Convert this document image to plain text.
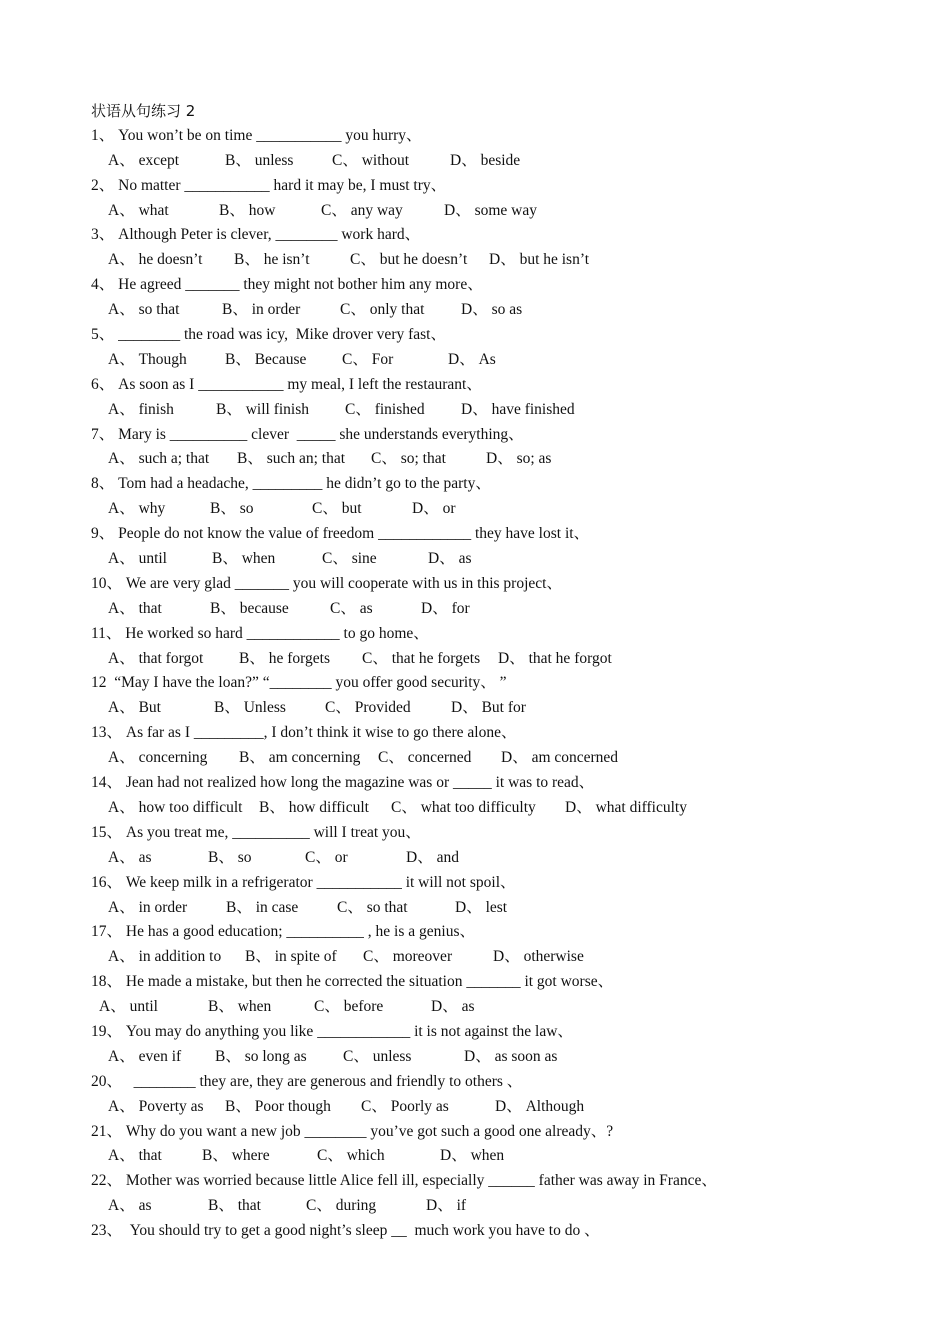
状语从句练习 2
1、 You won’t be on time ___________ you hurry、
A、 except	B、 unless C、 without	D、 beside
2、 No matter ___________ hard it may be, I must try、
A、 what	B、 how	C、 any way	D、 some way
3、 Although Peter is clever, ________ work hard、
A、 he doesn’t B、 he isn’t	C、 but he doesn’t D、 but he isn’t
4、 He agreed _______ they might not bother him any more、
A、 so that	B、 in order	C、 only that D、 so as
5、 ________ the road was icy,  Mike drover very fast、
A、 Though B、 Because C、 For	D、 As
6、 As soon as I ___________ my meal, I left the restaurant、
A、 finish	B、 will finish C、 finished D、 have finished
7、 Mary is __________ clever  _____ she understands everything、
A、 such a; that B、 such an; that C、 so; that	D、 so; as
8、 Tom had a headache, _________ he didn’t go to the party、
A、 why	B、 so	C、 but	D、 or
9、 People do not know the value of freedom ____________ they have lost it、
A、 until	B、 when	C、 sine	D、 as
10、 We are very glad _______ you will cooperate with us in this project、
A、 that	B、 because	C、 as	D、 for
11、 He worked so hard ____________ to go home、
A、 that forgot B、 he forgets C、 that he forgets D、 that he forgot
12  “May I have the loan?” “________ you offer good security、 ”
A、 But	B、 Unless	C、 Provided	D、 But for
13、 As far as I _________, I don’t think it wise to go there alone、
A、 concerning B、 am concerning C、 concerned D、 am concerned
14、 Jean had not realized how long the magazine was or _____ it was to read、
A、 how too difficult B、 how difficult C、 what too difficulty D、 what difficulty
15、 As you treat me, __________ will I treat you、
A、 as	B、 so	C、 or	D、 and
16、 We keep milk in a refrigerator ___________ it will not spoil、
A、 in order	B、 in case C、 so that	D、 lest
17、 He has a good education; __________ , he is a genius、
A、 in addition to B、 in spite of C、 moreover	D、 otherwise
18、 He made a mistake, but then he corrected the situation _______ it got worse、
A、 until	B、 when	C、 before	D、 as
19、 You may do anything you like ____________ it is not against the law、
A、 even if B、 so long as C、 unless	D、 as soon as
20、   ________ they are, they are generous and friendly to others 、
A、 Poverty as B、 Poor though C、 Poorly as	D、 Although
21、 Why do you want a new job ________ you’ve got such a good one already、?
A、 that	B、 where	C、 which	D、 when
22、 Mother was worried because little Alice fell ill, especially ______ father was away in France、
A、 as	B、 that	C、 during	D、 if
23、  You should try to get a good night’s sleep __  much work you have to do 、
